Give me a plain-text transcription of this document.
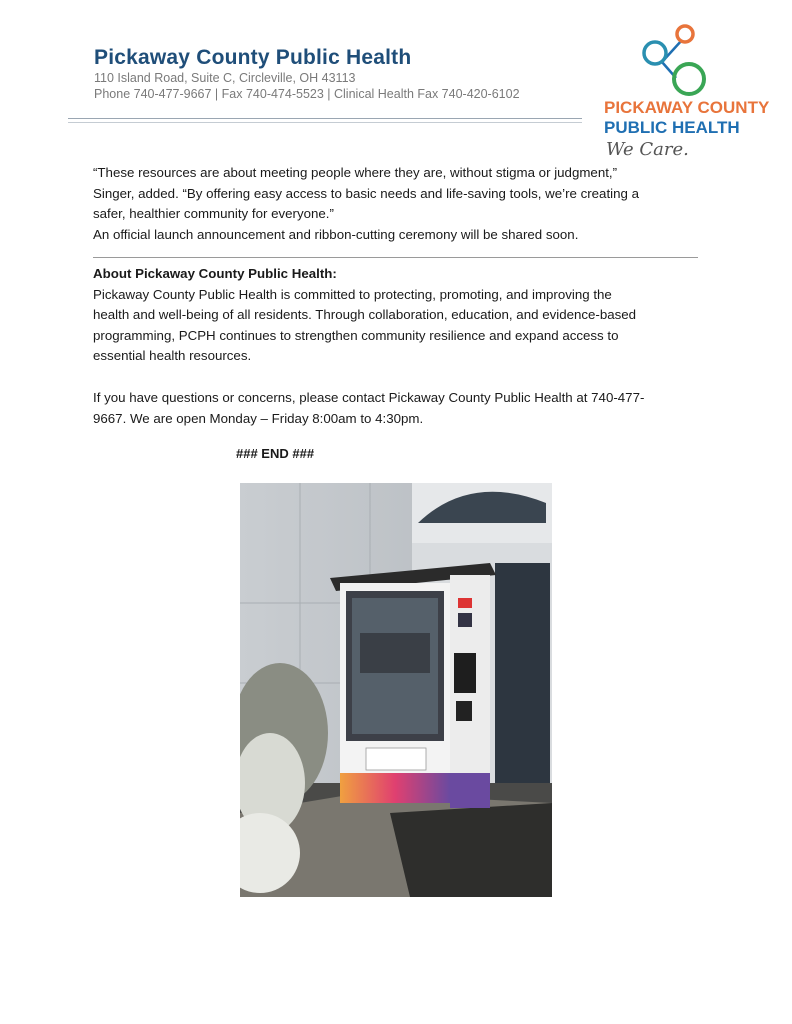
Pickaway County Public Health
110 Island Road, Suite C, Circleville, OH 43113
Phone 740-477-9667 | Fax 740-474-5523 | Clinical Health Fax 740-420-6102
PICKAWAY COUNTY
PUBLIC HEALTH
We Care.

“These resources are about meeting people where they are, without stigma or judgment,”

Singer, added. “By offering easy access to basic needs and life-saving tools, we’re creating a

safer, healthier community for everyone.”

An official launch announcement and ribbon-cutting ceremony will be shared soon.

About Pickaway County Public Health:

Pickaway County Public Health is committed to protecting, promoting, and improving the

health and well-being of all residents. Through collaboration, education, and evidence-based

programming, PCPH continues to strengthen community resilience and expand access to

essential health resources.

If you have questions or concerns, please contact Pickaway County Public Health at 740-477-

9667. We are open Monday – Friday 8:00am to 4:30pm.

### END ###
